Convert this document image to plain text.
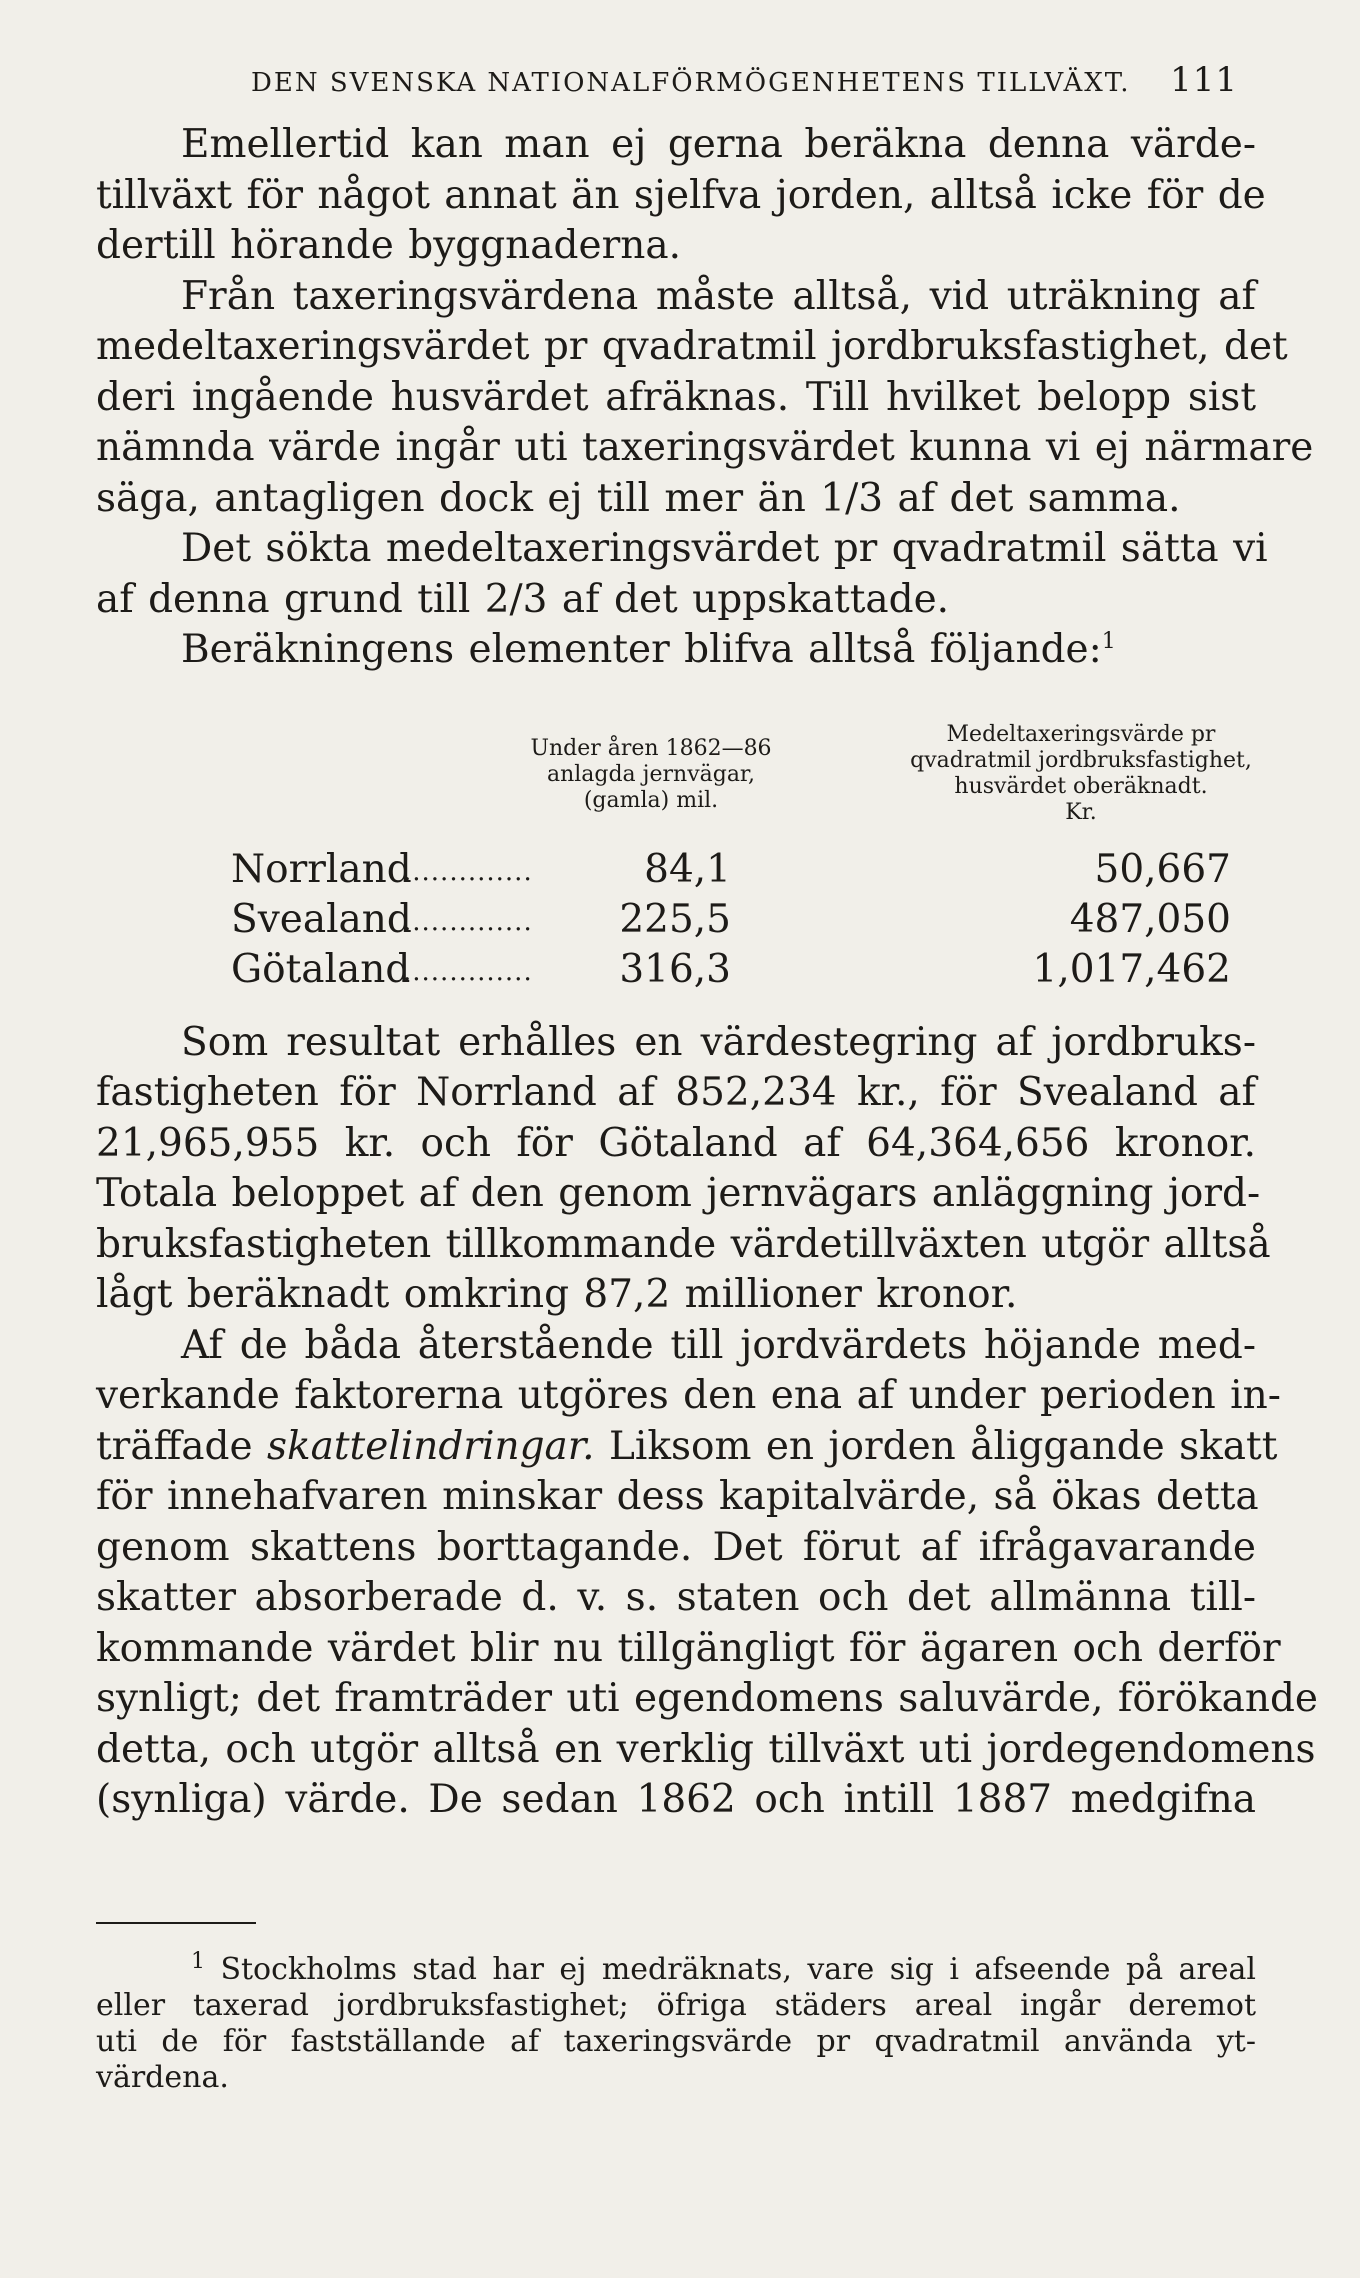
DEN SVENSKA NATIONALFÖRMÖGENHETENS TILLVÄXT. 111

Emellertid kan man ej gerna beräkna denna värde-
tillväxt för något annat än sjelfva jorden, alltså icke för de
dertill hörande byggnaderna.

Från taxeringsvärdena måste alltså, vid uträkning af
medeltaxeringsvärdet pr qvadratmil jordbruksfastighet, det
deri ingående husvärdet afräknas. Till hvilket belopp sist
nämnda värde ingår uti taxeringsvärdet kunna vi ej närmare
säga, antagligen dock ej till mer än 1/3 af det samma.

Det sökta medeltaxeringsvärdet pr qvadratmil sätta vi
af denna grund till 2/3 af det uppskattade.

Beräkningens elementer blifva alltså följande:$^1$

Under åren 1862—86
anlagda jernvägar,
(gamla) mil.
Medeltaxeringsvärde pr
qvadratmil jordbruksfastighet,
husvärdet oberäknadt.
Kr.
Norrland
..............	84,1	50,667
Svealand
.............. 225,5	487,050
Götaland
.............. 316,3	1,017,462

Som resultat erhålles en värdestegring af jordbruks-
fastigheten för Norrland af 852,234 kr., för Svealand af
21,965,955 kr. och för Götaland af 64,364,656 kronor.
Totala beloppet af den genom jernvägars anläggning jord-
bruksfastigheten tillkommande värdetillväxten utgör alltså
lågt beräknadt omkring 87,2 millioner kronor.

Af de båda återstående till jordvärdets höjande med-
verkande faktorerna utgöres den ena af under perioden in-
träffade skattelindringar. Liksom en jorden åliggande skatt
för innehafvaren minskar dess kapitalvärde, så ökas detta
genom skattens borttagande. Det förut af ifrågavarande
skatter absorberade d. v. s. staten och det allmänna till-
kommande värdet blir nu tillgängligt för ägaren och derför
synligt; det framträder uti egendomens saluvärde, förökande
detta, och utgör alltså en verklig tillväxt uti jordegendomens
(synliga) värde. De sedan 1862 och intill 1887 medgifna

$^1$ Stockholms stad har ej medräknats, vare sig i afseende på areal
eller taxerad jordbruksfastighet; öfriga städers areal ingår deremot
uti de för fastställande af taxeringsvärde pr qvadratmil använda yt-
värdena.
